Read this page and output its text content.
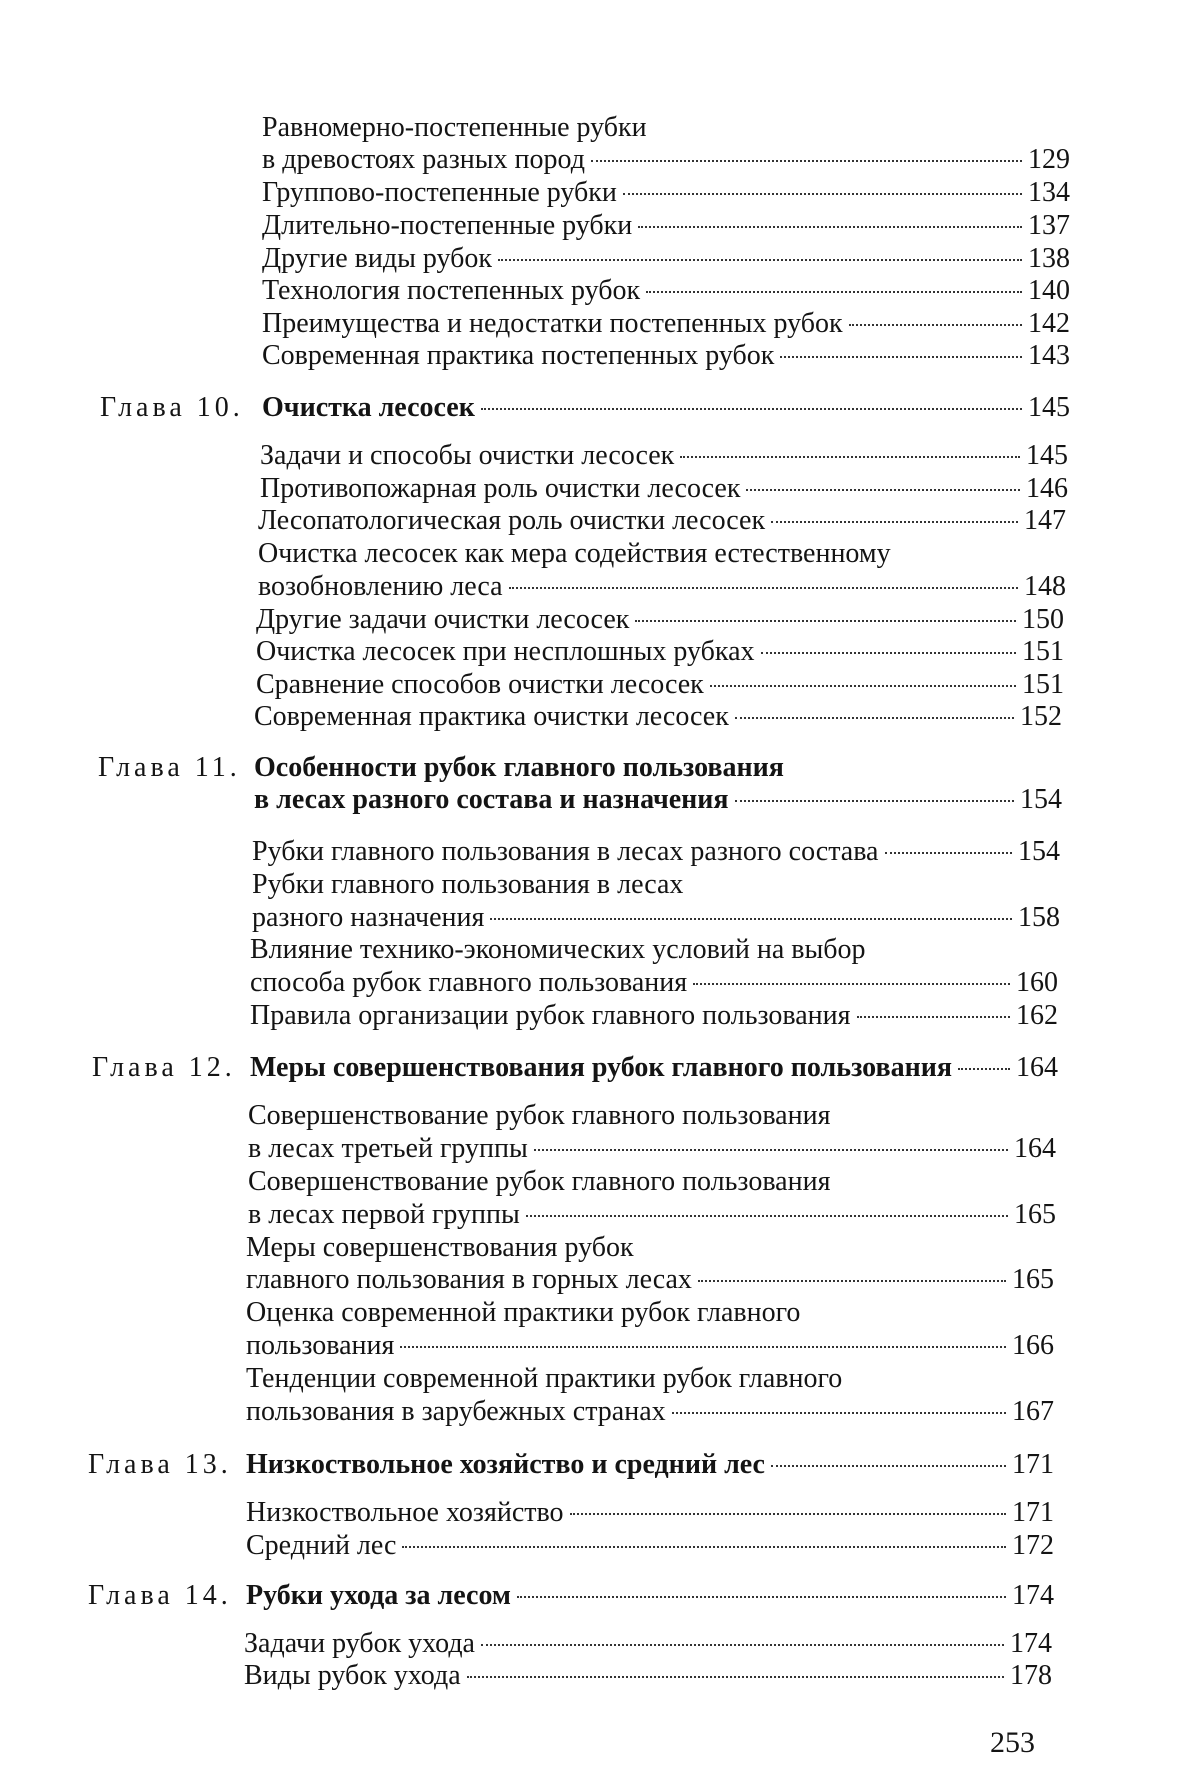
Равномерно-постепенные рубки
в древостоях разных пород	129
Группово-постепенные рубки	134
Длительно-постепенные рубки	137
Другие виды рубок	138
Технология постепенных рубок	140
Преимущества и недостатки постепенных рубок	142
Современная практика постепенных рубок	143
Глава 10. Очистка лесосек	145
Задачи и способы очистки лесосек	145
Противопожарная роль очистки лесосек	146
Лесопатологическая роль очистки лесосек	147
Очистка лесосек как мера содействия естественному
возобновлению леса	148
Другие задачи очистки лесосек	150
Очистка лесосек при несплошных рубках	151
Сравнение способов очистки лесосек	151
Современная практика очистки лесосек	152
Глава 11. Особенности рубок главного пользования
в лесах разного состава и назначения	154
Рубки главного пользования в лесах разного состава	154
Рубки главного пользования в лесах
разного назначения	158
Влияние технико-экономических условий на выбор
способа рубок главного пользования	160
Правила организации рубок главного пользования	162
Глава 12. Меры совершенствования рубок главного пользования 164
Совершенствование рубок главного пользования
в лесах третьей группы	164
Совершенствование рубок главного пользования
в лесах первой группы	165
Меры совершенствования рубок
главного пользования в горных лесах	165
Оценка современной практики рубок главного
пользования	166
Тенденции современной практики рубок главного
пользования в зарубежных странах	167
Глава 13. Низкоствольное хозяйство и средний лес	171
Низкоствольное хозяйство	171
Средний лес	172
Глава 14. Рубки ухода за лесом	174
Задачи рубок ухода	174
Виды рубок ухода	178
253
